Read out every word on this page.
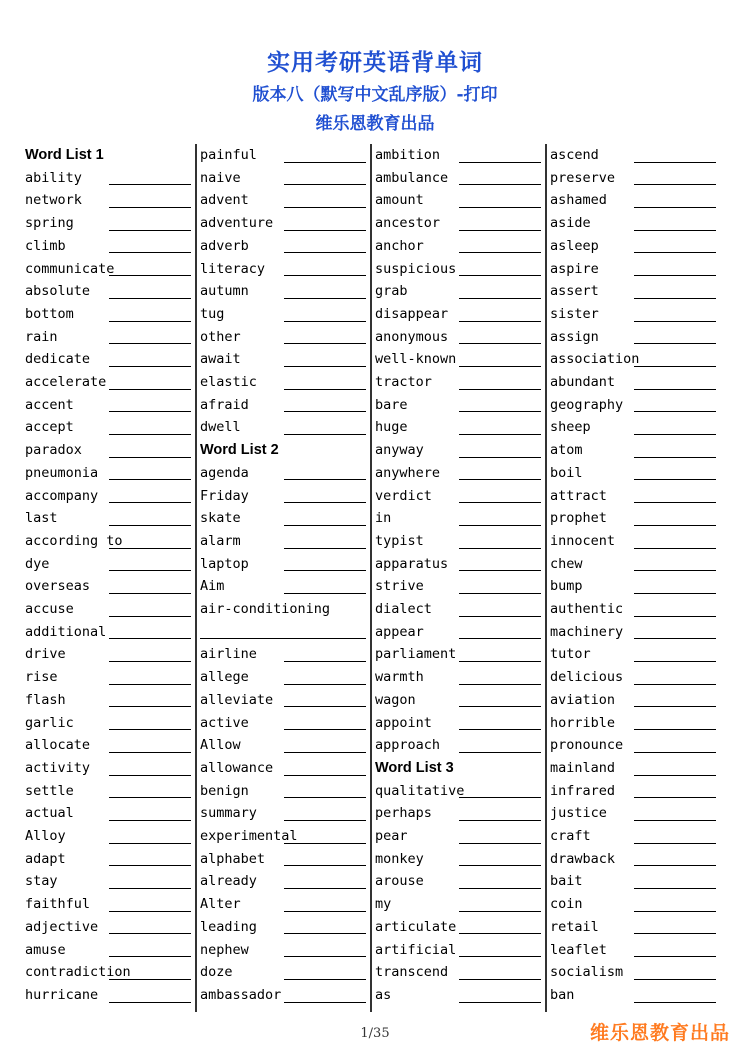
实用考研英语背单词
版本八（默写中文乱序版）-打印
维乐恩教育出品
Word List 1
ability
network
spring
climb
communicate
absolute
bottom
rain
dedicate
accelerate
accent
accept
paradox
pneumonia
accompany
last
according to
dye
overseas
accuse
additional
drive
rise
flash
garlic
allocate
activity
settle
actual
Alloy
adapt
stay
faithful
adjective
amuse
contradiction
hurricane
painful
naive
advent
adventure
adverb
literacy
autumn
tug
other
await
elastic
afraid
dwell
Word List 2
agenda
Friday
skate
alarm
laptop
Aim
air-conditioning
airline
allege
alleviate
active
Allow
allowance
benign
summary
experimental
alphabet
already
Alter
leading
nephew
doze
ambassador
ambition
ambulance
amount
ancestor
anchor
suspicious
grab
disappear
anonymous
well-known
tractor
bare
huge
anyway
anywhere
verdict
in
typist
apparatus
strive
dialect
appear
parliament
warmth
wagon
appoint
approach
Word List 3
qualitative
perhaps
pear
monkey
arouse
my
articulate
artificial
transcend
as
ascend
preserve
ashamed
aside
asleep
aspire
assert
sister
assign
association
abundant
geography
sheep
atom
boil
attract
prophet
innocent
chew
bump
authentic
machinery
tutor
delicious
aviation
horrible
pronounce
mainland
infrared
justice
craft
drawback
bait
coin
retail
leaflet
socialism
ban
1/35	维乐恩教育出品
